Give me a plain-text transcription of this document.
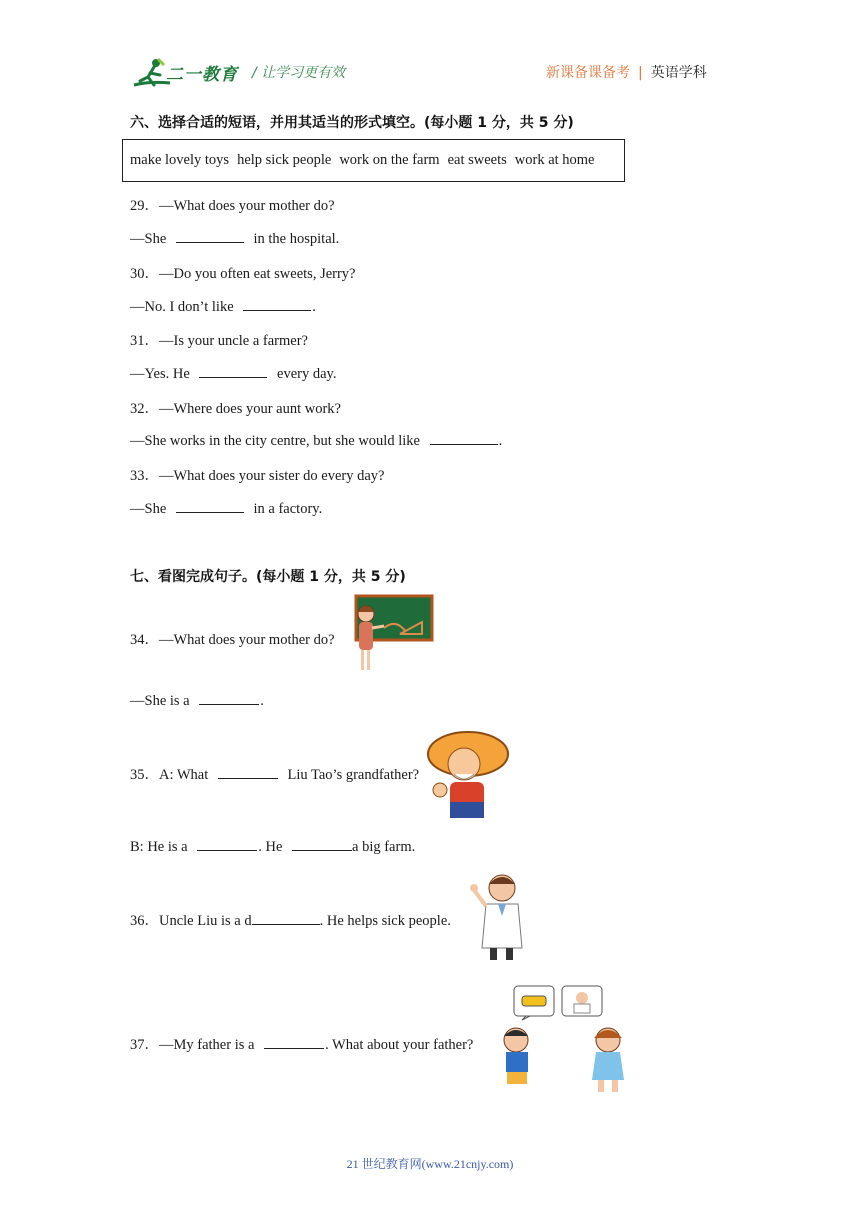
二一教育 / 让学习更有效	新课备课备考 | 英语学科
六、选择合适的短语，并用其适当的形式填空。(每小题 1 分，共 5 分)
make lovely toys help sick people work on the farm eat sweets work at home
29．—What does your mother do?
—She	in the hospital.
30．—Do you often eat sweets, Jerry?
—No. I don’t like	.
31．—Is your uncle a farmer?
—Yes. He	every day.
32．—Where does your aunt work?
—She works in the city centre, but she would like	.
33．—What does your sister do every day?
—She	in a factory.
七、看图完成句子。(每小题 1 分，共 5 分)
34．—What does your mother do?
—She is a	.
35．A: What	Liu Tao’s grandfather?
B: He is a	. He	a big farm.
36．Uncle Liu is a d	. He helps sick people.
37．—My father is a	. What about your father?
21 世纪教育网(www.21cnjy.com)
